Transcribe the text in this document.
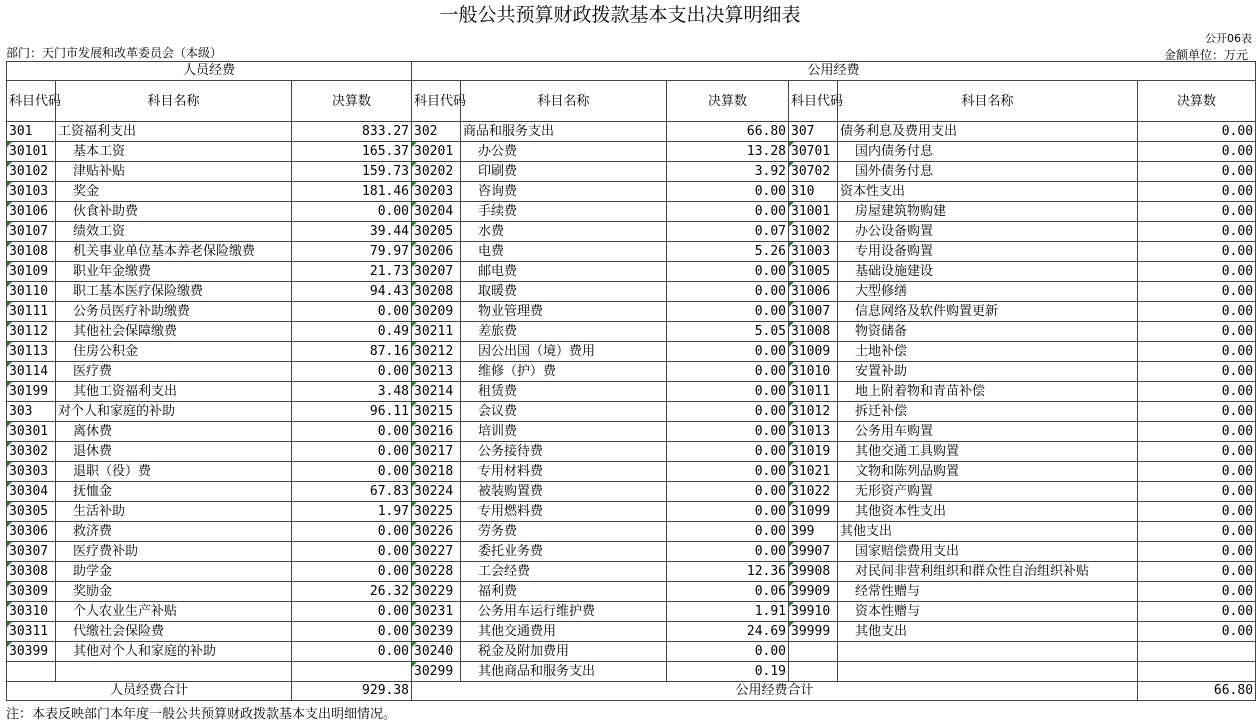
一般公共预算财政拨款基本支出决算明细表
公开06表
部门：天门市发展和改革委员会（本级）	金额单位：万元
人员经费			公用经费					
科目代码	科目名称	决算数	科目代码	科目名称	决算数	科目代码	科目名称	决算数
301	工资福利支出	833.27	302	商品和服务支出	66.80	307	债务利息及费用支出	0.00
30101	基本工资	165.37	30201	办公费	13.28	30701	国内债务付息	0.00
30102	津贴补贴	159.73	30202	印刷费	3.92	30702	国外债务付息	0.00
30103	奖金	181.46	30203	咨询费	0.00	310	资本性支出	0.00
30106	伙食补助费	0.00	30204	手续费	0.00	31001	房屋建筑物购建	0.00
30107	绩效工资	39.44	30205	水费	0.07	31002	办公设备购置	0.00
30108	机关事业单位基本养老保险缴费	79.97	30206	电费	5.26	31003	专用设备购置	0.00
30109	职业年金缴费	21.73	30207	邮电费	0.00	31005	基础设施建设	0.00
30110	职工基本医疗保险缴费	94.43	30208	取暖费	0.00	31006	大型修缮	0.00
30111	公务员医疗补助缴费	0.00	30209	物业管理费	0.00	31007	信息网络及软件购置更新	0.00
30112	其他社会保障缴费	0.49	30211	差旅费	5.05	31008	物资储备	0.00
30113	住房公积金	87.16	30212	因公出国（境）费用	0.00	31009	土地补偿	0.00
30114	医疗费	0.00	30213	维修（护）费	0.00	31010	安置补助	0.00
30199	其他工资福利支出	3.48	30214	租赁费	0.00	31011	地上附着物和青苗补偿	0.00
303	对个人和家庭的补助	96.11	30215	会议费	0.00	31012	拆迁补偿	0.00
30301	离休费	0.00	30216	培训费	0.00	31013	公务用车购置	0.00
30302	退休费	0.00	30217	公务接待费	0.00	31019	其他交通工具购置	0.00
30303	退职（役）费	0.00	30218	专用材料费	0.00	31021	文物和陈列品购置	0.00
30304	抚恤金	67.83	30224	被装购置费	0.00	31022	无形资产购置	0.00
30305	生活补助	1.97	30225	专用燃料费	0.00	31099	其他资本性支出	0.00
30306	救济费	0.00	30226	劳务费	0.00	399	其他支出	0.00
30307	医疗费补助	0.00	30227	委托业务费	0.00	39907	国家赔偿费用支出	0.00
30308	助学金	0.00	30228	工会经费	12.36	39908	对民间非营利组织和群众性自治组织补贴	0.00
30309	奖励金	26.32	30229	福利费	0.06	39909	经常性赠与	0.00
30310	个人农业生产补贴	0.00	30231	公务用车运行维护费	1.91	39910	资本性赠与	0.00
30311	代缴社会保险费	0.00	30239	其他交通费用	24.69	39999	其他支出	0.00
30399	其他对个人和家庭的补助	0.00	30240	税金及附加费用	0.00			
			30299	其他商品和服务支出	0.19			
人员经费合计		929.38	公用经费合计					66.80
注：本表反映部门本年度一般公共预算财政拨款基本支出明细情况。
